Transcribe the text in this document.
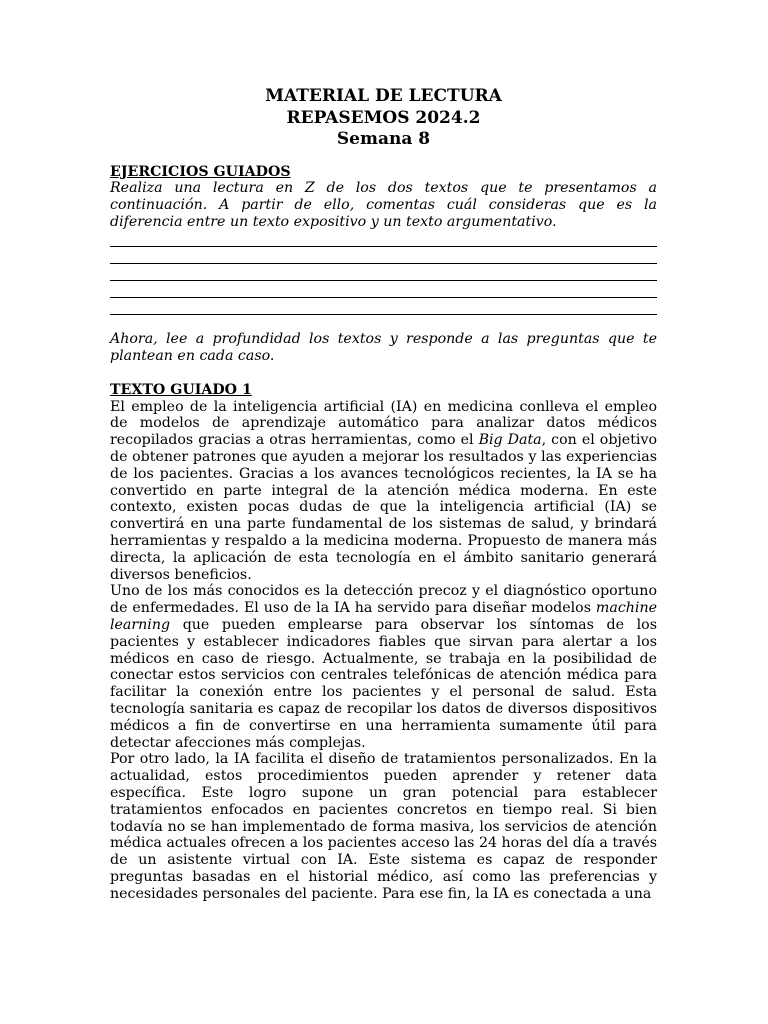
MATERIAL DE LECTURA

REPASEMOS 2024.2

Semana 8

EJERCICIOS GUIADOS

Realiza una lectura en Z de los dos textos que te presentamos a continuación. A partir de ello, comentas cuál consideras que es la diferencia entre un texto expositivo y un texto argumentativo.

Ahora, lee a profundidad los textos y responde a las preguntas que te plantean en cada caso.

TEXTO GUIADO 1

El empleo de la inteligencia artificial (IA) en medicina conlleva el empleo de modelos de aprendizaje automático para analizar datos médicos recopilados gracias a otras herramientas, como el Big Data, con el objetivo de obtener patrones que ayuden a mejorar los resultados y las experiencias de los pacientes. Gracias a los avances tecnológicos recientes, la IA se ha convertido en parte integral de la atención médica moderna. En este contexto, existen pocas dudas de que la inteligencia artificial (IA) se convertirá en una parte fundamental de los sistemas de salud, y brindará herramientas y respaldo a la medicina moderna. Propuesto de manera más directa, la aplicación de esta tecnología en el ámbito sanitario generará diversos beneficios.

Uno de los más conocidos es la detección precoz y el diagnóstico oportuno de enfermedades. El uso de la IA ha servido para diseñar modelos machine learning que pueden emplearse para observar los síntomas de los pacientes y establecer indicadores fiables que sirvan para alertar a los médicos en caso de riesgo. Actualmente, se trabaja en la posibilidad de conectar estos servicios con centrales telefónicas de atención médica para facilitar la conexión entre los pacientes y el personal de salud. Esta tecnología sanitaria es capaz de recopilar los datos de diversos dispositivos médicos a fin de convertirse en una herramienta sumamente útil para detectar afecciones más complejas.

Por otro lado, la IA facilita el diseño de tratamientos personalizados. En la actualidad, estos procedimientos pueden aprender y retener data específica. Este logro supone un gran potencial para establecer tratamientos enfocados en pacientes concretos en tiempo real. Si bien todavía no se han implementado de forma masiva, los servicios de atención médica actuales ofrecen a los pacientes acceso las 24 horas del día a través de un asistente virtual con IA. Este sistema es capaz de responder preguntas basadas en el historial médico, así como las preferencias y necesidades personales del paciente. Para ese fin, la IA es conectada a una
